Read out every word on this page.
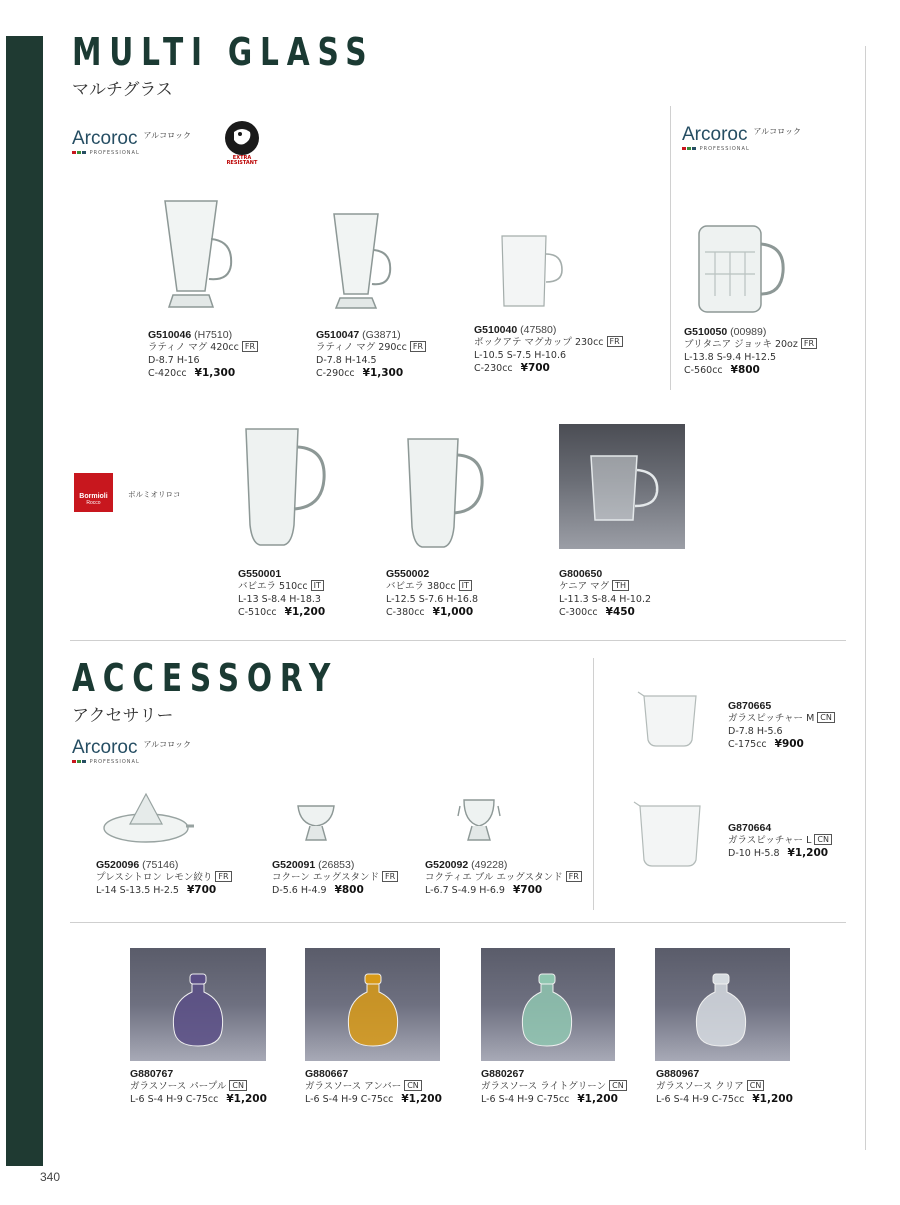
MULTI GLASS
マルチグラス
Arcoroc $^{アルコロック}$
PROFESSIONAL
EXTRA
RESISTANT
Arcoroc $^{アルコロック}$
PROFESSIONAL
G510046 (H7510)
ラティノ マグ 420cc FR
D-8.7 H-16
C-420cc ¥1,300
G510047 (G3871)
ラティノ マグ 290cc FR
D-7.8 H-14.5
C-290cc ¥1,300
G510040 (47580)
ボックアテ マグカップ 230cc FR
L-10.5 S-7.5 H-10.6
C-230cc ¥700
G510050 (00989)
ブリタニア ジョッキ 20oz FR
L-13.8 S-9.4 H-12.5
C-560cc ¥800
Bormioli
Rocco
ボルミオリロコ
G550001
バビエラ 510cc IT
L-13 S-8.4 H-18.3
C-510cc ¥1,200
G550002
バビエラ 380cc IT
L-12.5 S-7.6 H-16.8
C-380cc ¥1,000
G800650
ケニア マグ TH
L-11.3 S-8.4 H-10.2
C-300cc ¥450
ACCESSORY
アクセサリー
Arcoroc $^{アルコロック}$
PROFESSIONAL
G520096 (75146)
プレスシトロン レモン絞り FR
L-14 S-13.5 H-2.5 ¥700
G520091 (26853)
コクーン エッグスタンド FR
D-5.6 H-4.9 ¥800
G520092 (49228)
コクティエ ブル エッグスタンド FR
L-6.7 S-4.9 H-6.9 ¥700
G870665
ガラスピッチャー M CN
D-7.8 H-5.6
C-175cc ¥900
G870664
ガラスピッチャー L CN
D-10 H-5.8 ¥1,200
G880767
ガラスソース パープル CN
L-6 S-4 H-9 C-75cc ¥1,200
G880667
ガラスソース アンバー CN
L-6 S-4 H-9 C-75cc ¥1,200
G880267
ガラスソース ライトグリーン CN
L-6 S-4 H-9 C-75cc ¥1,200
G880967
ガラスソース クリア CN
L-6 S-4 H-9 C-75cc ¥1,200
340
